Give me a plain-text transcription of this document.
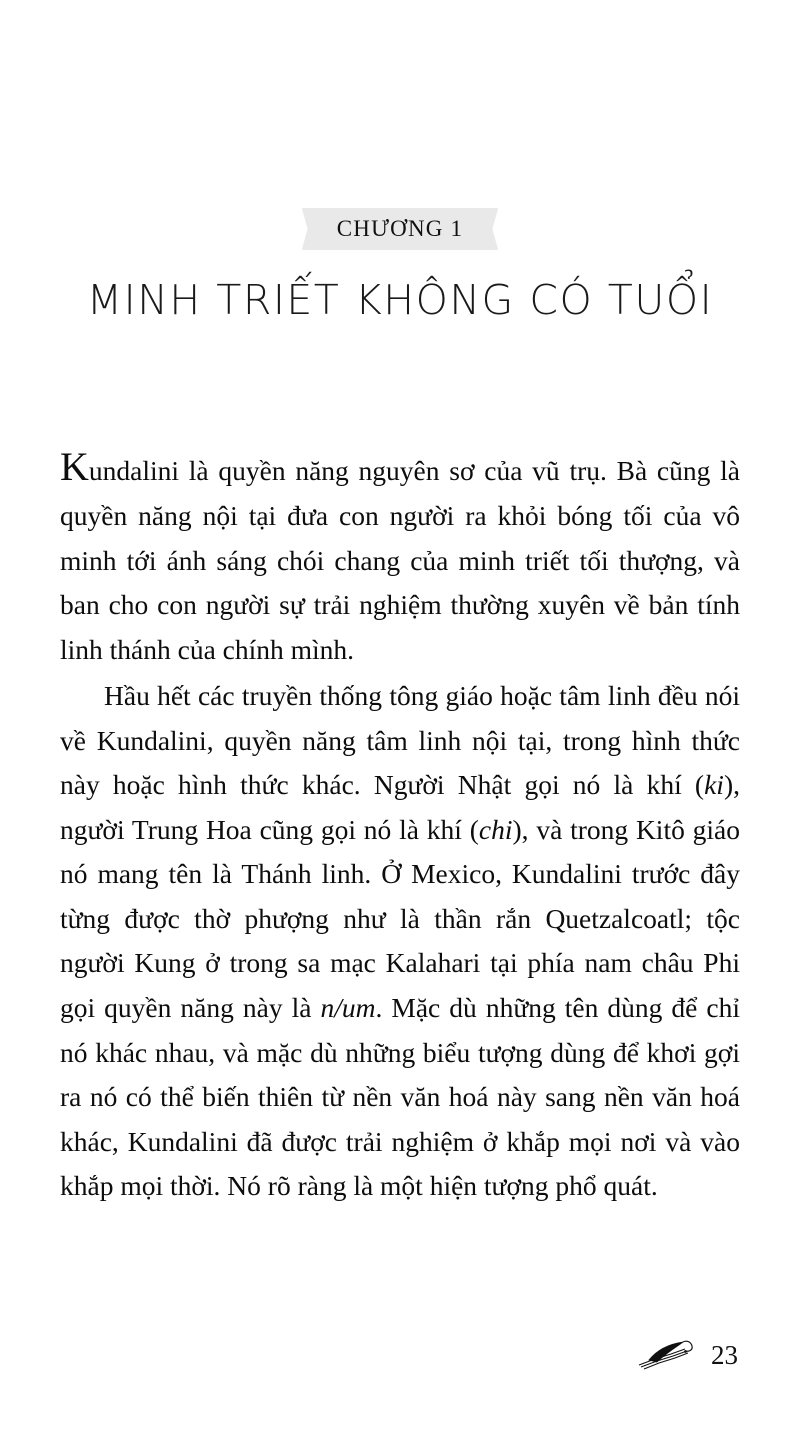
CHƯƠNG 1
MINH TRIẾT KHÔNG CÓ TUỔI

Kundalini là quyền năng nguyên sơ của vũ trụ. Bà cũng là quyền năng nội tại đưa con người ra khỏi bóng tối của vô minh tới ánh sáng chói chang của minh triết tối thượng, và ban cho con người sự trải nghiệm thường xuyên về bản tính linh thánh của chính mình.

Hầu hết các truyền thống tông giáo hoặc tâm linh đều nói về Kundalini, quyền năng tâm linh nội tại, trong hình thức này hoặc hình thức khác. Người Nhật gọi nó là khí (ki), người Trung Hoa cũng gọi nó là khí (chi), và trong Kitô giáo nó mang tên là Thánh linh. Ở Mexico, Kundalini trước đây từng được thờ phượng như là thần rắn Quetzalcoatl; tộc người Kung ở trong sa mạc Kalahari tại phía nam châu Phi gọi quyền năng này là n/um. Mặc dù những tên dùng để chỉ nó khác nhau, và mặc dù những biểu tượng dùng để khơi gợi ra nó có thể biến thiên từ nền văn hoá này sang nền văn hoá khác, Kundalini đã được trải nghiệm ở khắp mọi nơi và vào khắp mọi thời. Nó rõ ràng là một hiện tượng phổ quát.

23
